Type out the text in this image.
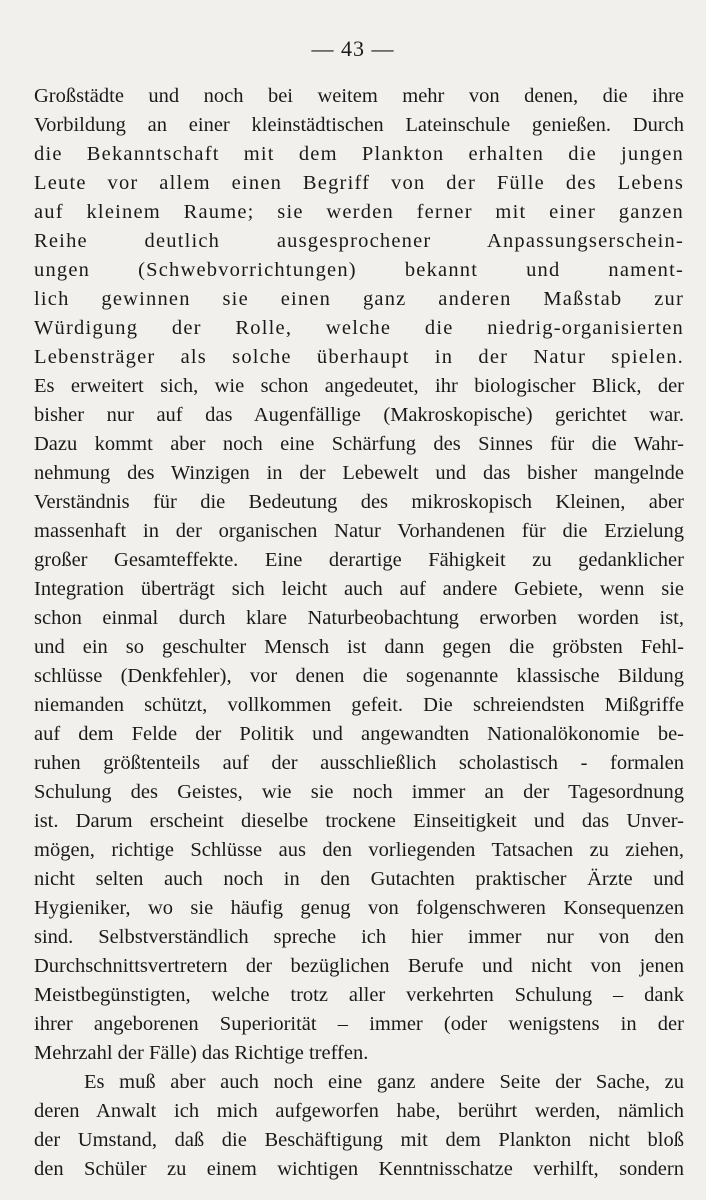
— 43 —
Großstädte und noch bei weitem mehr von denen, die ihre
Vorbildung an einer kleinstädtischen Lateinschule genießen. Durch
die Bekanntschaft mit dem Plankton erhalten die jungen
Leute vor allem einen Begriff von der Fülle des Lebens
auf kleinem Raume; sie werden ferner mit einer ganzen
Reihe deutlich ausgesprochener Anpassungserschein-
ungen (Schwebvorrichtungen) bekannt und nament-
lich gewinnen sie einen ganz anderen Maßstab zur
Würdigung der Rolle, welche die niedrig-organisierten
Lebensträger als solche überhaupt in der Natur spielen.
Es erweitert sich, wie schon angedeutet, ihr biologischer Blick, der
bisher nur auf das Augenfällige (Makroskopische) gerichtet war.
Dazu kommt aber noch eine Schärfung des Sinnes für die Wahr-
nehmung des Winzigen in der Lebewelt und das bisher mangelnde
Verständnis für die Bedeutung des mikroskopisch Kleinen, aber
massenhaft in der organischen Natur Vorhandenen für die Erzielung
großer Gesamteffekte. Eine derartige Fähigkeit zu gedanklicher
Integration überträgt sich leicht auch auf andere Gebiete, wenn sie
schon einmal durch klare Naturbeobachtung erworben worden ist,
und ein so geschulter Mensch ist dann gegen die gröbsten Fehl-
schlüsse (Denkfehler), vor denen die sogenannte klassische Bildung
niemanden schützt, vollkommen gefeit. Die schreiendsten Mißgriffe
auf dem Felde der Politik und angewandten Nationalökonomie be-
ruhen größtenteils auf der ausschließlich scholastisch - formalen
Schulung des Geistes, wie sie noch immer an der Tagesordnung
ist. Darum erscheint dieselbe trockene Einseitigkeit und das Unver-
mögen, richtige Schlüsse aus den vorliegenden Tatsachen zu ziehen,
nicht selten auch noch in den Gutachten praktischer Ärzte und
Hygieniker, wo sie häufig genug von folgenschweren Konsequenzen
sind. Selbstverständlich spreche ich hier immer nur von den
Durchschnittsvertretern der bezüglichen Berufe und nicht von jenen
Meistbegünstigten, welche trotz aller verkehrten Schulung – dank
ihrer angeborenen Superiorität – immer (oder wenigstens in der
Mehrzahl der Fälle) das Richtige treffen.
Es muß aber auch noch eine ganz andere Seite der Sache, zu
deren Anwalt ich mich aufgeworfen habe, berührt werden, nämlich
der Umstand, daß die Beschäftigung mit dem Plankton nicht bloß
den Schüler zu einem wichtigen Kenntnisschatze verhilft, sondern
